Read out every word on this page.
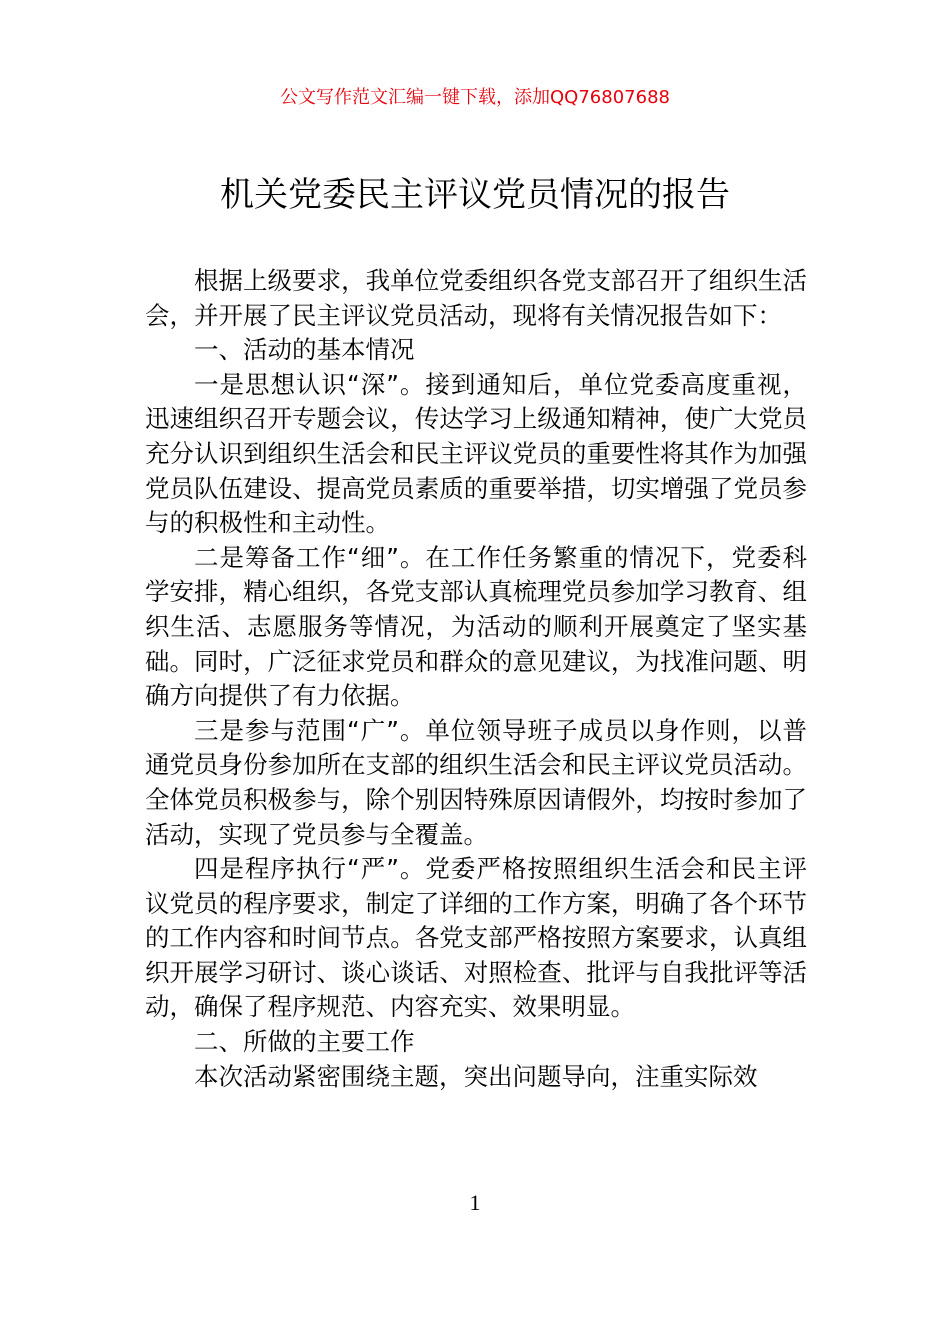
公文写作范文汇编一键下载，添加QQ76807688
机关党委民主评议党员情况的报告

根据上级要求，我单位党委组织各党支部召开了组织生活会，并开展了民主评议党员活动，现将有关情况报告如下：

一、活动的基本情况

一是思想认识“深”。接到通知后，单位党委高度重视，迅速组织召开专题会议，传达学习上级通知精神，使广大党员充分认识到组织生活会和民主评议党员的重要性将其作为加强党员队伍建设、提高党员素质的重要举措，切实增强了党员参与的积极性和主动性。

二是筹备工作“细”。在工作任务繁重的情况下，党委科学安排，精心组织，各党支部认真梳理党员参加学习教育、组织生活、志愿服务等情况，为活动的顺利开展奠定了坚实基础。同时，广泛征求党员和群众的意见建议，为找准问题、明确方向提供了有力依据。

三是参与范围“广”。单位领导班子成员以身作则，以普通党员身份参加所在支部的组织生活会和民主评议党员活动。全体党员积极参与，除个别因特殊原因请假外，均按时参加了活动，实现了党员参与全覆盖。

四是程序执行“严”。党委严格按照组织生活会和民主评议党员的程序要求，制定了详细的工作方案，明确了各个环节的工作内容和时间节点。各党支部严格按照方案要求，认真组织开展学习研讨、谈心谈话、对照检查、批评与自我批评等活动，确保了程序规范、内容充实、效果明显。

二、所做的主要工作

本次活动紧密围绕主题，突出问题导向，注重实际效

1
